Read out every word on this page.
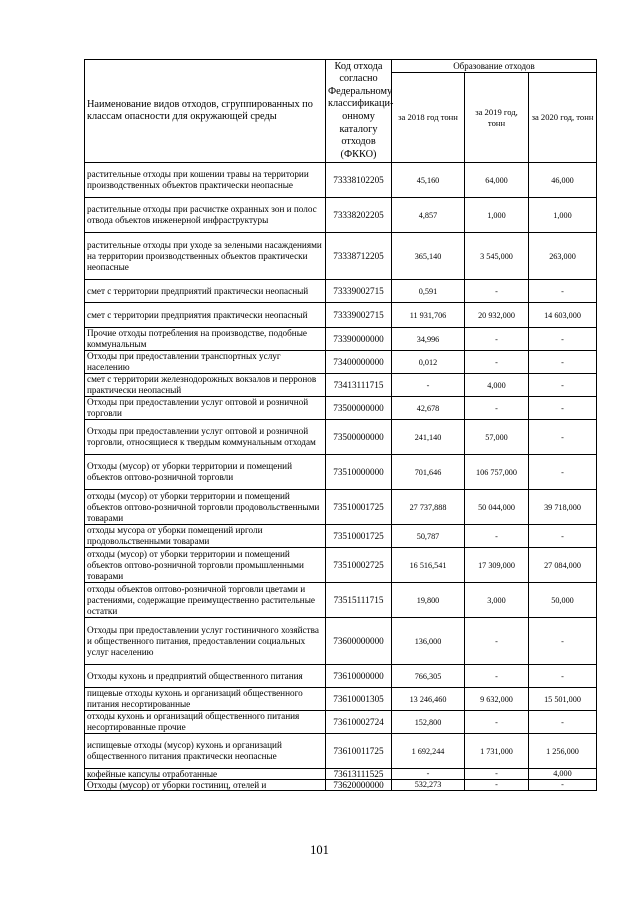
Наименование видов отходов, сгруппированных по классам опасности для окружающей среды	Код отхода согласно Федеральному классификаци-онному каталогу отходов (ФККО)	Образование отходов		
		за 2018 год тонн	за 2019 год, тонн	за 2020 год, тонн
растительные отходы при кошении травы на территории производственных объектов практически неопасные	73338102205	45,160	64,000	46,000
растительные отходы при расчистке охранных зон и полос отвода объектов инженерной инфраструктуры	73338202205	4,857	1,000	1,000
растительные отходы при уходе за зелеными насаждениями на территории производственных объектов практически неопасные	73338712205	365,140	3 545,000	263,000
смет с территории предприятий практически неопасный	73339002715	0,591	-	-
смет с территории предприятия практически неопасный	73339002715	11 931,706	20 932,000	14 603,000
Прочие отходы потребления на производстве, подобные коммунальным	73390000000	34,996	-	-
Отходы при предоставлении транспортных услуг населению	73400000000	0,012	-	-
смет с территории железнодорожных вокзалов и перронов практически неопасный	73413111715	-	4,000	-
Отходы при предоставлении услуг оптовой и розничной торговли	73500000000	42,678	-	-
Отходы при предоставлении услуг оптовой и розничной торговли, относящиеся к твердым коммунальным отходам	73500000000	241,140	57,000	-
Отходы (мусор) от уборки территории и помещений объектов оптово-розничной торговли	73510000000	701,646	106 757,000	-
отходы (мусор) от уборки территории и помещений объектов оптово-розничной торговли продовольственными товарами	73510001725	27 737,888	50 044,000	39 718,000
отходы мусора от уборки помещений ирголи продовольственными товарами	73510001725	50,787	-	-
отходы (мусор) от уборки территории и помещений объектов оптово-розничной торговли промышленными товарами	73510002725	16 516,541	17 309,000	27 084,000
отходы объектов оптово-розничной торговли цветами и растениями, содержащие преимущественно растительные остатки	73515111715	19,800	3,000	50,000
Отходы при предоставлении услуг гостиничного хозяйства и общественного питания, предоставлении социальных услуг населению	73600000000	136,000	-	-
Отходы кухонь и предприятий общественного питания	73610000000	766,305	-	-
пищевые отходы кухонь и организаций общественного питания несортированные	73610001305	13 246,460	9 632,000	15 501,000
отходы кухонь и организаций общественного питания несортированные прочие	73610002724	152,800	-	-
испищевые отходы (мусор) кухонь и организаций общественного питания практически неопасные	73610011725	1 692,244	1 731,000	1 256,000
кофейные капсулы отработанные	73613111525	-	-	4,000
Отходы (мусор) от уборки гостиниц, отелей и	73620000000	532,273	-	-
101
